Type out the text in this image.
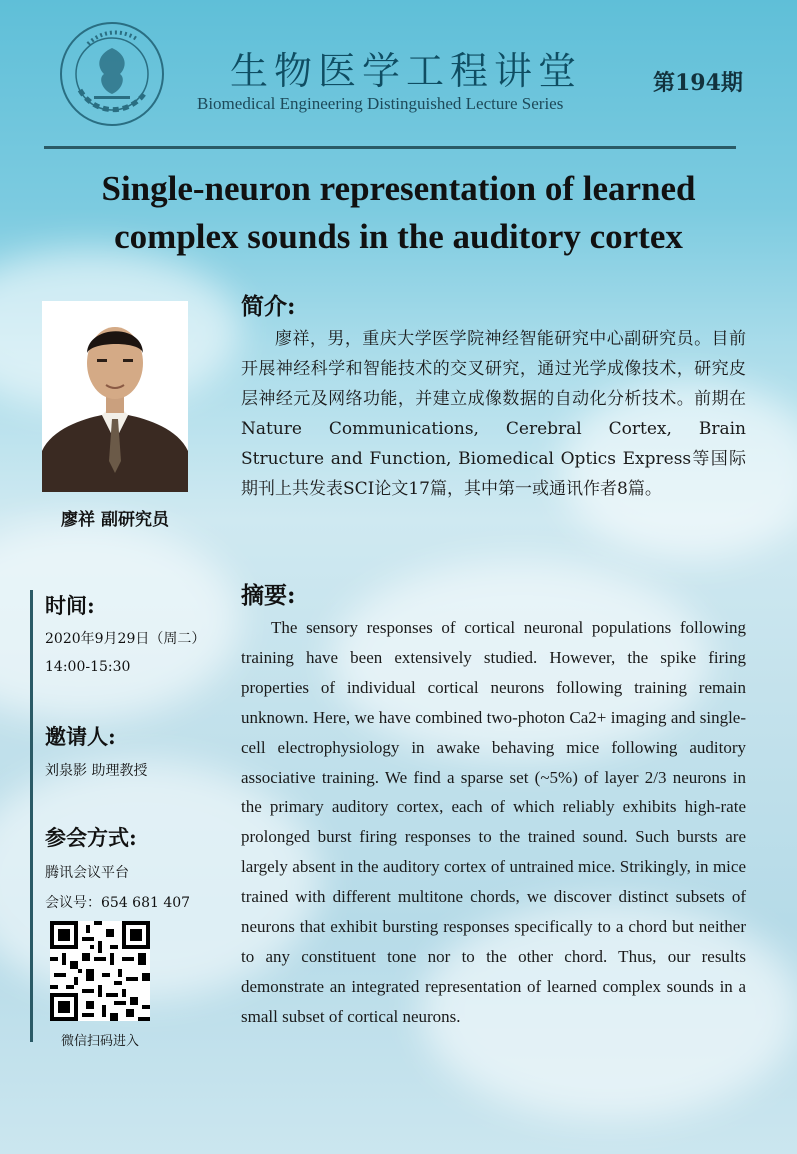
生物医学工程讲堂
Biomedical Engineering Distinguished Lecture Series
第194期
Single-neuron representation of learned
complex sounds in the auditory cortex
廖祥 副研究员
简介:
廖祥，男，重庆大学医学院神经智能研究中心副研究员。目前开展神经科学和智能技术的交叉研究，通过光学成像技术，研究皮层神经元及网络功能，并建立成像数据的自动化分析技术。前期在Nature Communications, Cerebral Cortex, Brain Structure and Function, Biomedical Optics Express等国际期刊上共发表SCI论文17篇，其中第一或通讯作者8篇。
摘要:
The sensory responses of cortical neuronal populations following training have been extensively studied. However, the spike firing properties of individual cortical neurons following training remain unknown. Here, we have combined two-photon Ca2+ imaging and single-cell electrophysiology in awake behaving mice following auditory associative training. We find a sparse set (~5%) of layer 2/3 neurons in the primary auditory cortex, each of which reliably exhibits high-rate prolonged burst firing responses to the trained sound. Such bursts are largely absent in the auditory cortex of untrained mice. Strikingly, in mice trained with different multitone chords, we discover distinct subsets of neurons that exhibit bursting responses specifically to a chord but neither to any constituent tone nor to the other chord. Thus, our results demonstrate an integrated representation of learned complex sounds in a small subset of cortical neurons.
时间:
2020年9月29日（周二）
14:00-15:30
邀请人:
刘泉影 助理教授
参会方式:
腾讯会议平台
会议号：654 681 407
微信扫码进入
